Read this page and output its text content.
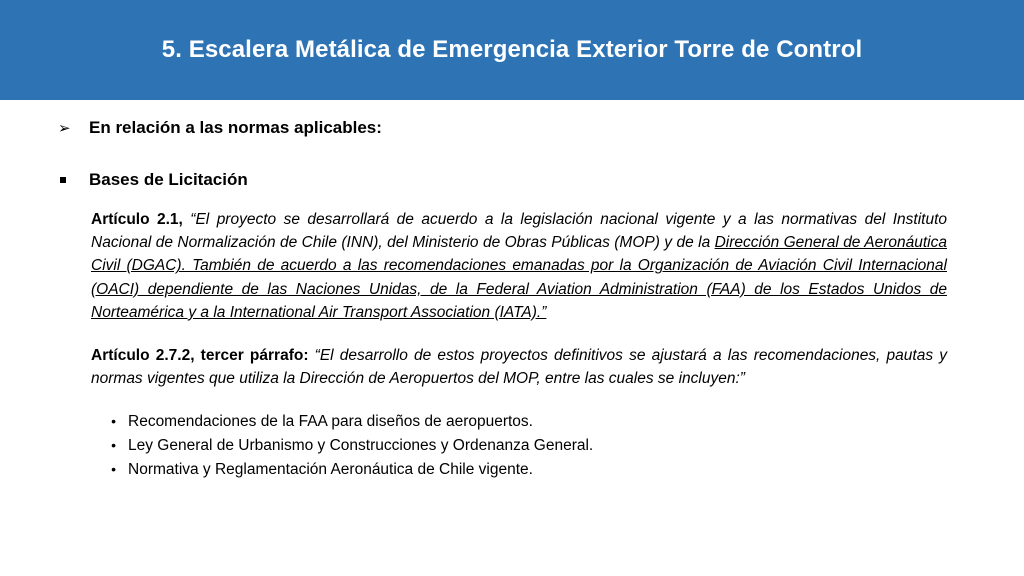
5. Escalera Metálica de Emergencia Exterior Torre de Control
➢	En relación a las normas aplicables:
Bases de Licitación

Artículo 2.1, “El proyecto se desarrollará de acuerdo a la legislación nacional vigente y a las normativas del Instituto Nacional de Normalización de Chile (INN), del Ministerio de Obras Públicas (MOP) y de la Dirección General de Aeronáutica Civil (DGAC). También de acuerdo a las recomendaciones emanadas por la Organización de Aviación Civil Internacional (OACI) dependiente de las Naciones Unidas, de la Federal Aviation Administration (FAA) de los Estados Unidos de Norteamérica y a la International Air Transport Association (IATA).”

Artículo 2.7.2, tercer párrafo: “El desarrollo de estos proyectos definitivos se ajustará a las recomendaciones, pautas y normas vigentes que utiliza la Dirección de Aeropuertos del MOP, entre las cuales se incluyen:”

• Recomendaciones de la FAA para diseños de aeropuertos.
• Ley General de Urbanismo y Construcciones y Ordenanza General.
• Normativa y Reglamentación Aeronáutica de Chile vigente.
